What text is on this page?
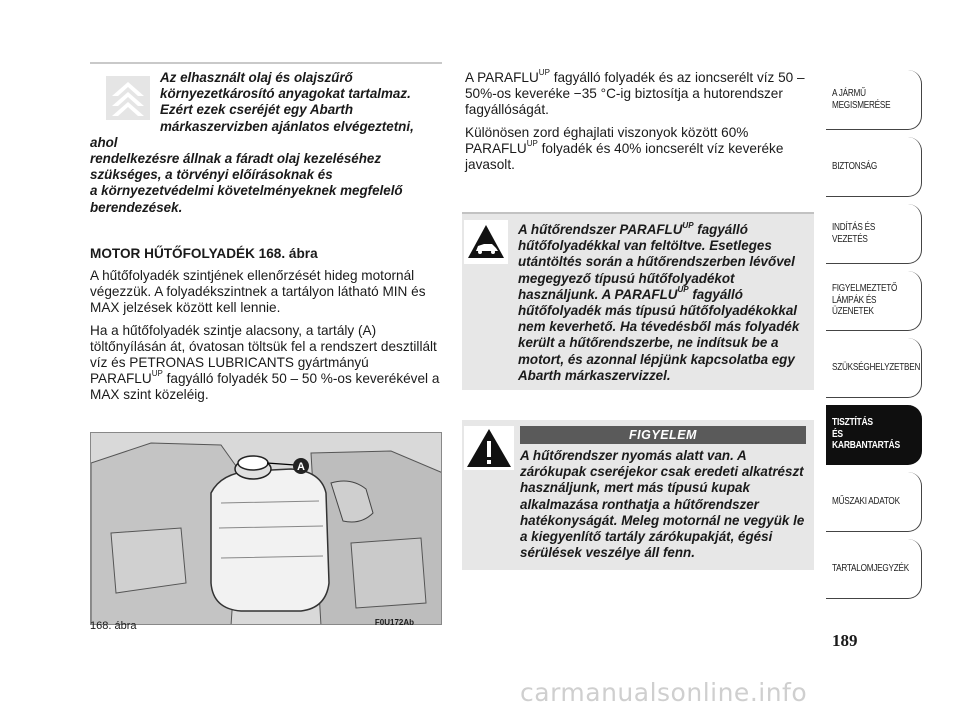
Az elhasznált olaj és olajszűrő
környezetkárosító anyagokat tartalmaz.
Ezért ezek cseréjét egy Abarth
márkaszervizben ajánlatos elvégeztetni, ahol
rendelkezésre állnak a fáradt olaj kezeléséhez
szükséges, a törvényi előírásoknak és
a környezetvédelmi követelményeknek megfelelő
berendezések.
MOTOR HŰTŐFOLYADÉK 168. ábra

A hűtőfolyadék szintjének ellenőrzését hideg motornál végezzük. A folyadékszintnek a tartályon látható MIN és MAX jelzések között kell lennie.

Ha a hűtőfolyadék szintje alacsony, a tartály (A) töltőnyílásán át, óvatosan töltsük fel a rendszert desztillált víz és PETRONAS LUBRICANTS gyártmányú $PARAFLU^{UP}$ fagyálló folyadék 50 – 50 %-os keverékével a MAX szint közeléig.

A
168. ábra	F0U172Ab

A $PARAFLU^{UP}$ fagyálló folyadék és az ioncserélt víz 50 – 50%-os keveréke −35 °C-ig biztosítja a hutorendszer fagyállóságát.

Különösen zord éghajlati viszonyok között 60% $PARAFLU^{UP}$ folyadék és 40% ioncserélt víz keveréke javasolt.

A hűtőrendszer $PARAFLU^{UP}$ fagyálló hűtőfolyadékkal van feltöltve. Esetleges utántöltés során a hűtőrendszerben lévővel megegyező típusú hűtőfolyadékot használjunk. A $PARAFLU^{UP}$ fagyálló hűtőfolyadék más típusú hűtőfolyadékokkal nem keverhető. Ha tévedésből más folyadék került a hűtőrendszerbe, ne indítsuk be a motort, és azonnal lépjünk kapcsolatba egy Abarth márkaszervizzel.
FIGYELEM
A hűtőrendszer nyomás alatt van. A zárókupak cseréjekor csak eredeti alkatrészt használjunk, mert más típusú kupak alkalmazása ronthatja a hűtőrendszer hatékonyságát. Meleg motornál ne vegyük le a kiegyenlítő tartály zárókupakját, égési sérülések veszélye áll fenn.
A JÁRMŰ
MEGISMERÉSE
BIZTONSÁG
INDÍTÁS ÉS VEZETÉS
FIGYELMEZTETŐ
LÁMPÁK ÉS ÜZENETEK
SZÜKSÉGHELYZETBEN
TISZTÍTÁS
ÉS KARBANTARTÁS
MŰSZAKI ADATOK
TARTALOMJEGYZÉK
189
carmanualsonline.info
